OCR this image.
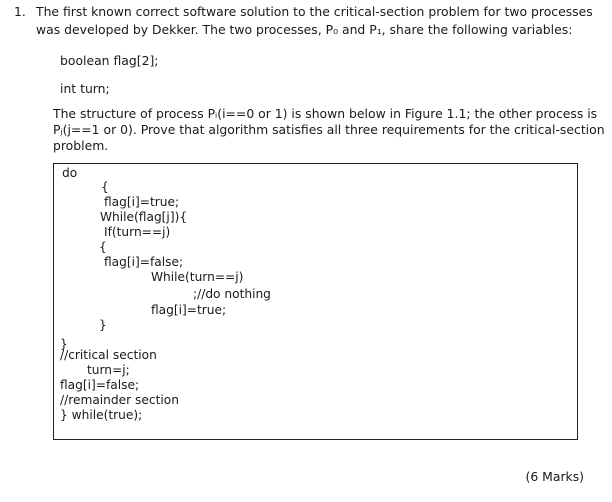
1. The first known correct software solution to the critical-section problem for two processes
was developed by Dekker. The two processes, P₀ and P₁, share the following variables:
boolean flag[2];
int turn;
The structure of process Pᵢ(i==0 or 1) is shown below in Figure 1.1; the other process is
Pⱼ(j==1 or 0). Prove that algorithm satisfies all three requirements for the critical-section
problem.
do
{
flag[i]=true;
While(flag[j]){
If(turn==j)
{
flag[i]=false;
While(turn==j)
;//do nothing
flag[i]=true;
}
}
//critical section
turn=j;
flag[i]=false;
//remainder section
} while(true);
(6 Marks)
